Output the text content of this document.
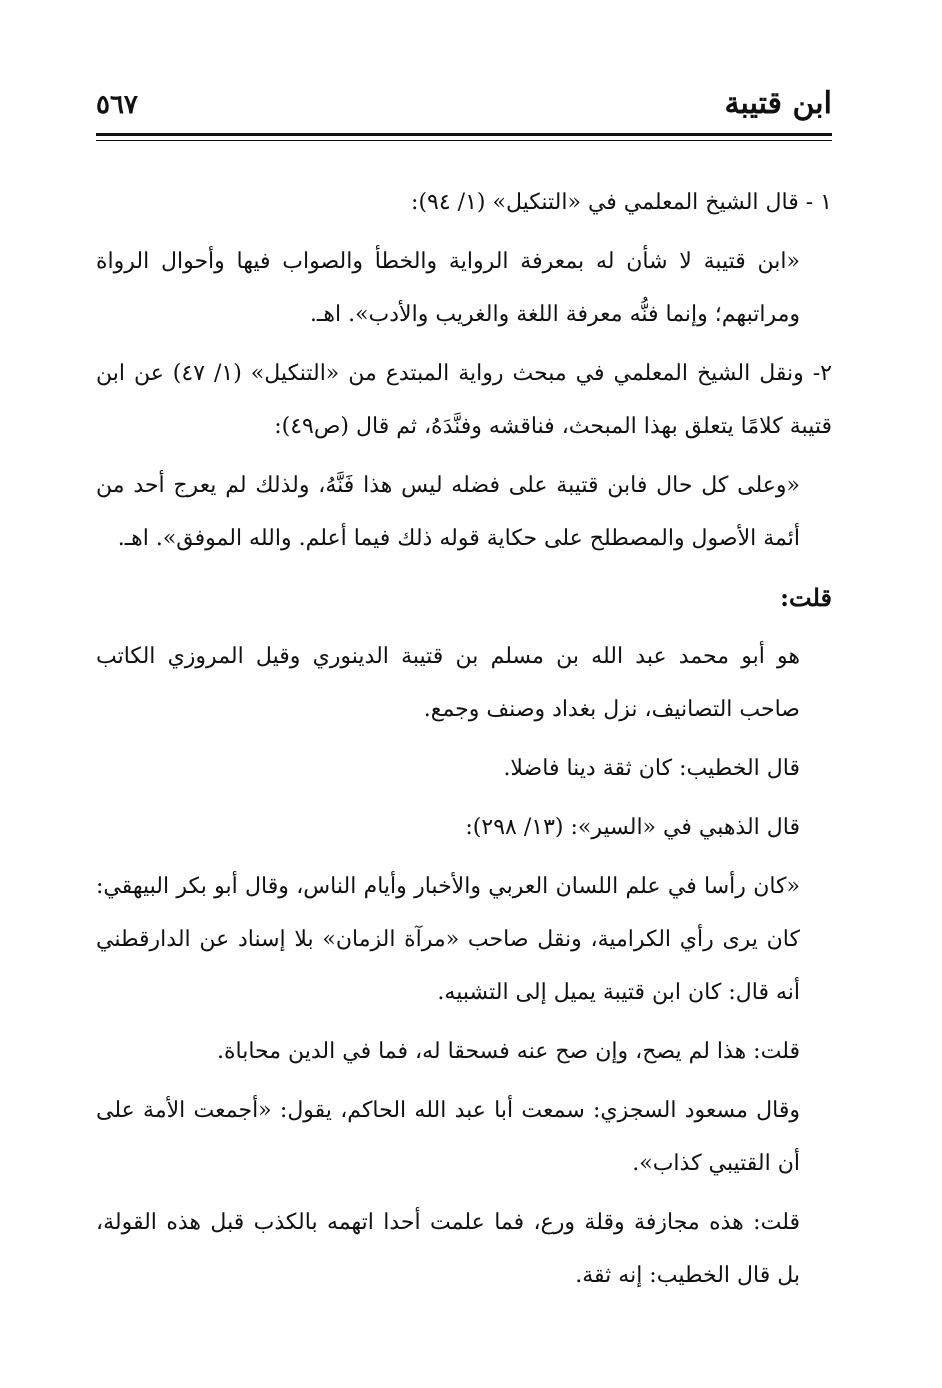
ابن قتيبة
٥٦٧

١ - قال الشيخ المعلمي في «التنكيل» (١/ ٩٤):

«ابن قتيبة لا شأن له بمعرفة الرواية والخطأ والصواب فيها وأحوال الرواة ومراتبهم؛ وإنما فنُّه معرفة اللغة والغريب والأدب». اهـ.

٢- ونقل الشيخ المعلمي في مبحث رواية المبتدع من «التنكيل» (١/ ٤٧) عن ابن قتيبة كلامًا يتعلق بهذا المبحث، فناقشه وفنَّدَهُ، ثم قال (ص٤٩):

«وعلى كل حال فابن قتيبة على فضله ليس هذا فَنَّهُ، ولذلك لم يعرج أحد من أئمة الأصول والمصطلح على حكاية قوله ذلك فيما أعلم. والله الموفق». اهـ.

قلت:

هو أبو محمد عبد الله بن مسلم بن قتيبة الدينوري وقيل المروزي الكاتب صاحب التصانيف، نزل بغداد وصنف وجمع.

قال الخطيب: كان ثقة دينا فاضلا.

قال الذهبي في «السير»: (١٣/ ٢٩٨):

«كان رأسا في علم اللسان العربي والأخبار وأيام الناس، وقال أبو بكر البيهقي: كان يرى رأي الكرامية، ونقل صاحب «مرآة الزمان» بلا إسناد عن الدارقطني أنه قال: كان ابن قتيبة يميل إلى التشبيه.

قلت: هذا لم يصح، وإن صح عنه فسحقا له، فما في الدين محاباة.

وقال مسعود السجزي: سمعت أبا عبد الله الحاكم، يقول: «أجمعت الأمة على أن القتيبي كذاب».

قلت: هذه مجازفة وقلة ورع، فما علمت أحدا اتهمه بالكذب قبل هذه القولة، بل قال الخطيب: إنه ثقة.
